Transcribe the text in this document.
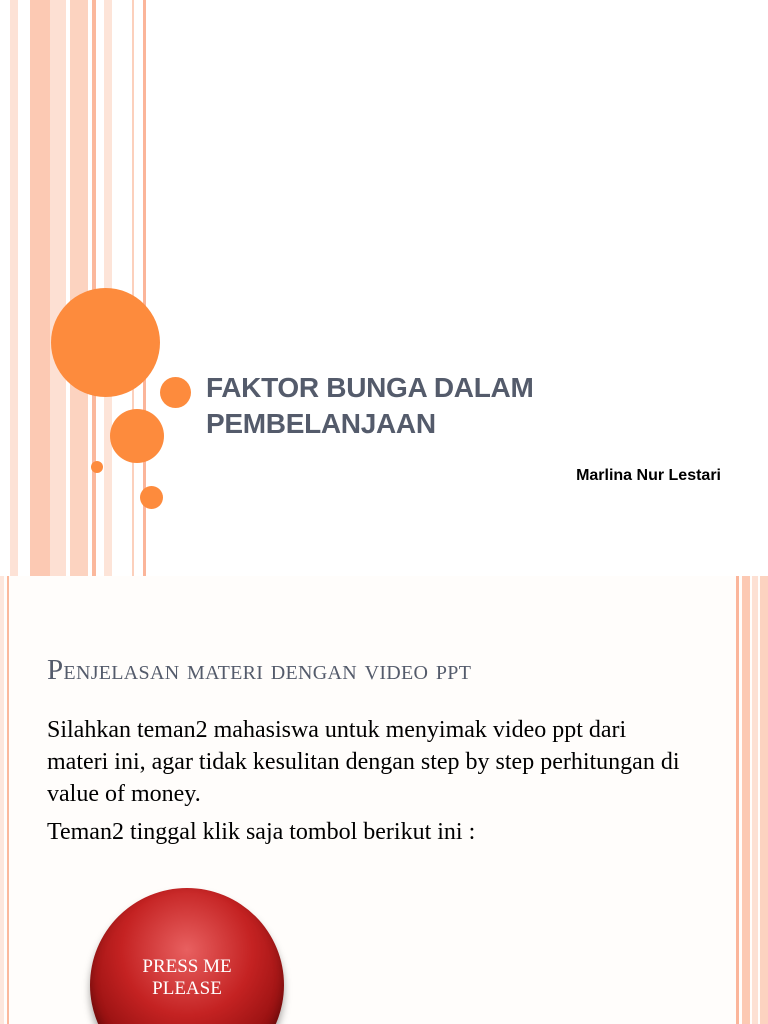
FAKTOR BUNGA DALAM
PEMBELANJAAN
Marlina Nur Lestari
Penjelasan materi dengan video ppt

Silahkan teman2 mahasiswa untuk menyimak video ppt dari materi ini, agar tidak kesulitan dengan step by step perhitungan di value of money.

Teman2 tinggal klik saja tombol berikut ini :

PRESS ME
PLEASE
